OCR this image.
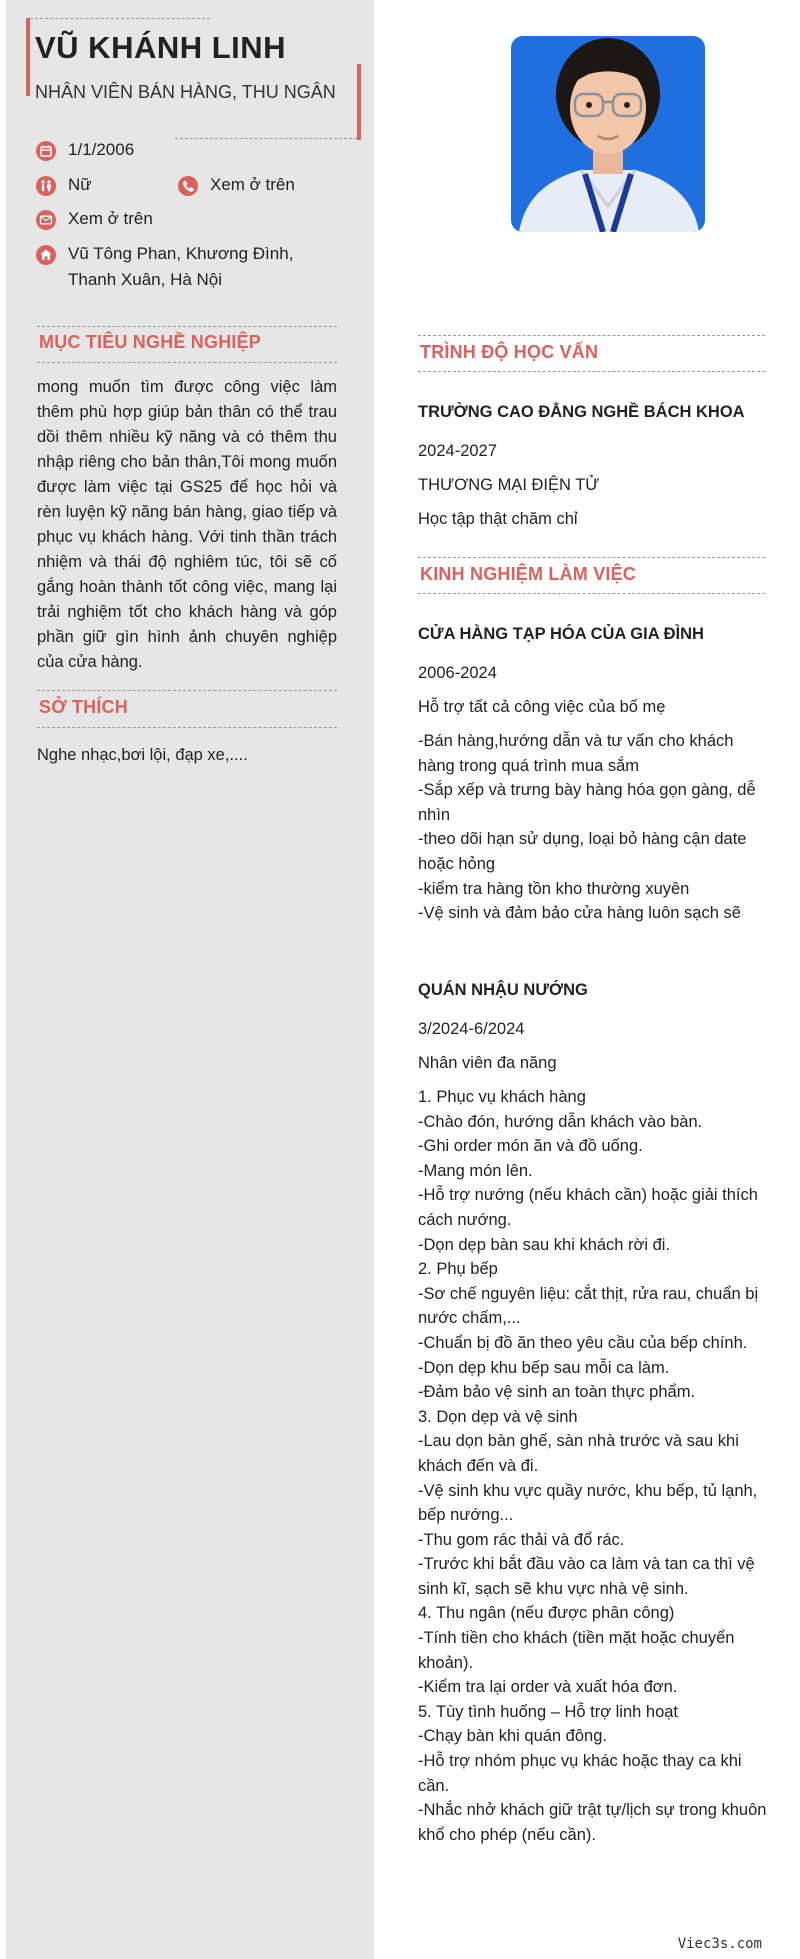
VŨ KHÁNH LINH
NHÂN VIÊN BÁN HÀNG, THU NGÂN
1/1/2006
Nữ	Xem ở trên
Xem ở trên
Vũ Tông Phan, Khương Đình, Thanh Xuân, Hà Nội
MỤC TIÊU NGHỀ NGHIỆP
mong muốn tìm được công việc làm thêm phù hợp giúp bản thân có thể trau dồi thêm nhiều kỹ năng và có thêm thu nhập riêng cho bản thân,Tôi mong muốn được làm việc tại GS25 để học hỏi và rèn luyện kỹ năng bán hàng, giao tiếp và phục vụ khách hàng. Với tinh thần trách nhiệm và thái độ nghiêm túc, tôi sẽ cố gắng hoàn thành tốt công việc, mang lại trải nghiệm tốt cho khách hàng và góp phần giữ gìn hình ảnh chuyên nghiệp của cửa hàng.
SỞ THÍCH
Nghe nhạc,bơi lội, đạp xe,....
TRÌNH ĐỘ HỌC VẤN
TRƯỜNG CAO ĐẲNG NGHỀ BÁCH KHOA
2024-2027
THƯƠNG MẠI ĐIỆN TỬ
Học tập thật chăm chỉ
KINH NGHIỆM LÀM VIỆC
CỬA HÀNG TẠP HÓA CỦA GIA ĐÌNH
2006-2024
Hỗ trợ tất cả công việc của bố mẹ
-Bán hàng,hướng dẫn và tư vấn cho khách hàng trong quá trình mua sắm
-Sắp xếp và trưng bày hàng hóa gọn gàng, dễ nhìn
-theo dõi hạn sử dụng, loại bỏ hàng cận date hoặc hỏng
-kiểm tra hàng tồn kho thường xuyên
-Vệ sinh và đảm bảo cửa hàng luôn sạch sẽ
QUÁN NHẬU NƯỚNG
3/2024-6/2024
Nhân viên đa năng
1. Phục vụ khách hàng
-Chào đón, hướng dẫn khách vào bàn.
-Ghi order món ăn và đồ uống.
-Mang món lên.
-Hỗ trợ nướng (nếu khách cần) hoặc giải thích cách nướng.
-Dọn dẹp bàn sau khi khách rời đi.
2. Phụ bếp
-Sơ chế nguyên liệu: cắt thịt, rửa rau, chuẩn bị nước chấm,...
-Chuẩn bị đồ ăn theo yêu cầu của bếp chính.
-Dọn dẹp khu bếp sau mỗi ca làm.
-Đảm bảo vệ sinh an toàn thực phẩm.
3. Dọn dẹp và vệ sinh
-Lau dọn bàn ghế, sàn nhà trước và sau khi khách đến và đi.
-Vệ sinh khu vực quầy nước, khu bếp, tủ lạnh, bếp nướng...
-Thu gom rác thải và đổ rác.
-Trước khi bắt đầu vào ca làm và tan ca thì vệ sinh kĩ, sạch sẽ khu vực nhà vệ sinh.
4. Thu ngân (nếu được phân công)
-Tính tiền cho khách (tiền mặt hoặc chuyển khoản).
-Kiểm tra lại order và xuất hóa đơn.
5. Tùy tình huống – Hỗ trợ linh hoạt
-Chạy bàn khi quán đông.
-Hỗ trợ nhóm phục vụ khác hoặc thay ca khi cần.
-Nhắc nhở khách giữ trật tự/lịch sự trong khuôn khổ cho phép (nếu cần).
Viec3s.com
